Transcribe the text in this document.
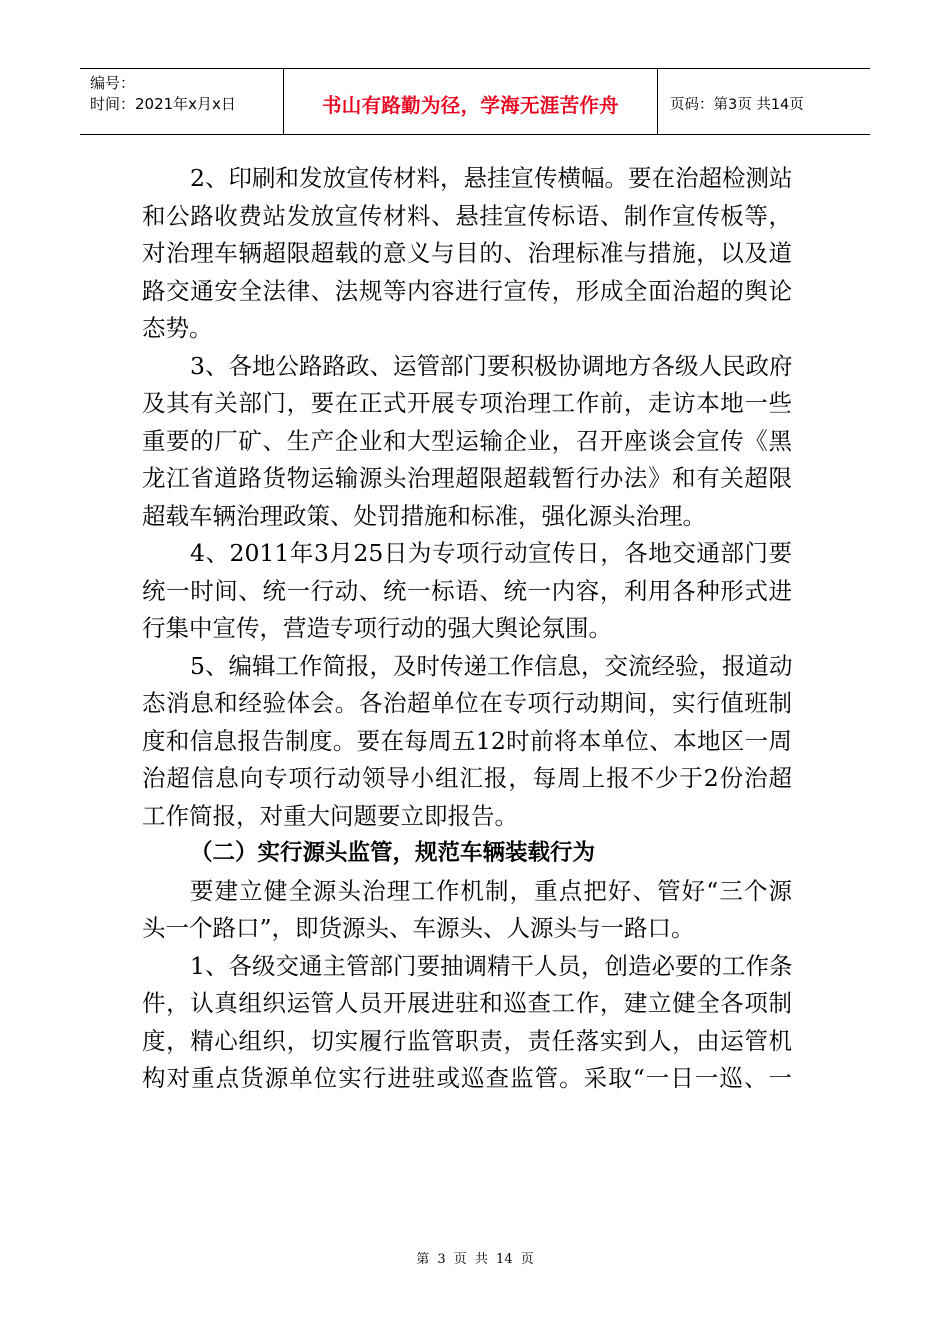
编号：
时间：2021年x月x日	书山有路勤为径，学海无涯苦作舟	页码：第3页 共14页
2、印刷和发放宣传材料，悬挂宣传横幅。要在治超检测站
和公路收费站发放宣传材料、悬挂宣传标语、制作宣传板等，
对治理车辆超限超载的意义与目的、治理标准与措施，以及道
路交通安全法律、法规等内容进行宣传，形成全面治超的舆论
态势。
3、各地公路路政、运管部门要积极协调地方各级人民政府
及其有关部门，要在正式开展专项治理工作前，走访本地一些
重要的厂矿、生产企业和大型运输企业，召开座谈会宣传《黑
龙江省道路货物运输源头治理超限超载暂行办法》和有关超限
超载车辆治理政策、处罚措施和标准，强化源头治理。
4、2011年3月25日为专项行动宣传日，各地交通部门要
统一时间、统一行动、统一标语、统一内容，利用各种形式进
行集中宣传，营造专项行动的强大舆论氛围。
5、编辑工作简报，及时传递工作信息，交流经验，报道动
态消息和经验体会。各治超单位在专项行动期间，实行值班制
度和信息报告制度。要在每周五12时前将本单位、本地区一周
治超信息向专项行动领导小组汇报，每周上报不少于2份治超
工作简报，对重大问题要立即报告。
（二）实行源头监管，规范车辆装载行为
要建立健全源头治理工作机制，重点把好、管好“三个源
头一个路口”，即货源头、车源头、人源头与一路口。
1、各级交通主管部门要抽调精干人员，创造必要的工作条
件，认真组织运管人员开展进驻和巡查工作，建立健全各项制
度，精心组织，切实履行监管职责，责任落实到人，由运管机
构对重点货源单位实行进驻或巡查监管。采取“一日一巡、一
第 3 页 共 14 页
